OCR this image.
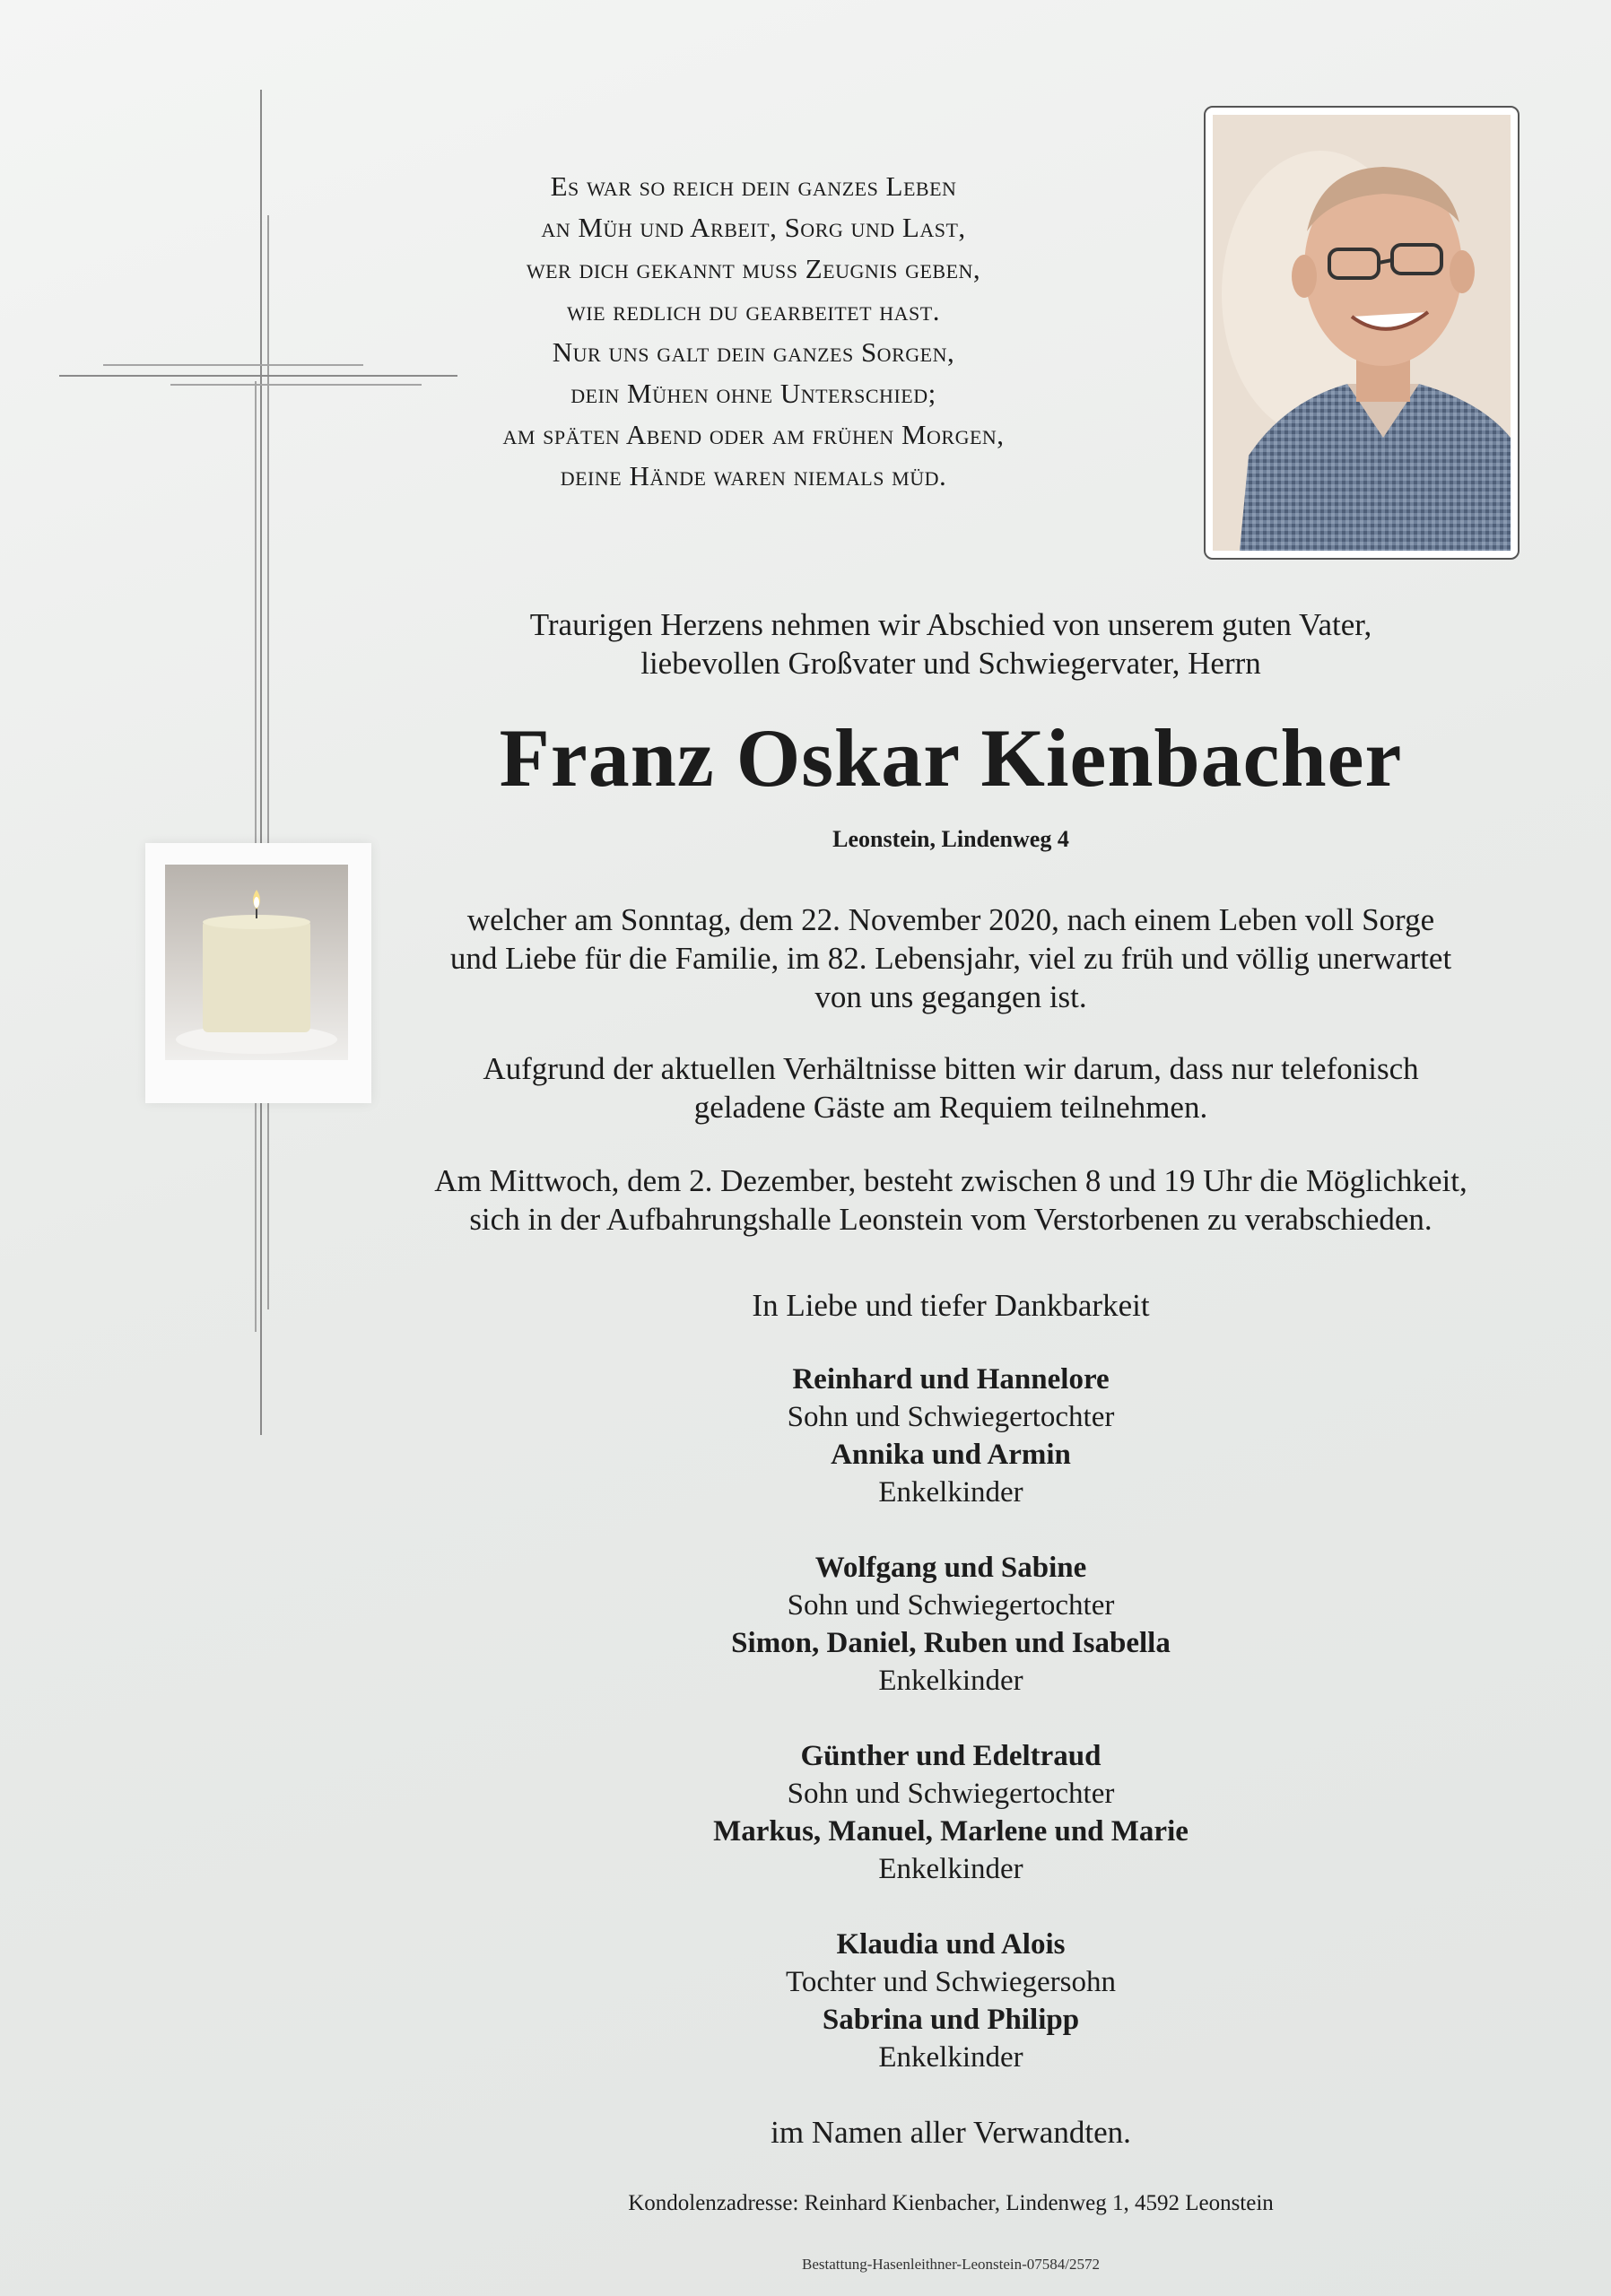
Es war so reich dein ganzes Leben
an Müh und Arbeit, Sorg und Last,
wer dich gekannt muss Zeugnis geben,
wie redlich du gearbeitet hast.
Nur uns galt dein ganzes Sorgen,
dein Mühen ohne Unterschied;
am späten Abend oder am frühen Morgen,
deine Hände waren niemals müd.
Traurigen Herzens nehmen wir Abschied von unserem guten Vater,
liebevollen Großvater und Schwiegervater, Herrn
Franz Oskar Kienbacher
Leonstein, Lindenweg 4
welcher am Sonntag, dem 22. November 2020, nach einem Leben voll Sorge
und Liebe für die Familie, im 82. Lebensjahr, viel zu früh und völlig unerwartet
von uns gegangen ist.
Aufgrund der aktuellen Verhältnisse bitten wir darum, dass nur telefonisch
geladene Gäste am Requiem teilnehmen.
Am Mittwoch, dem 2. Dezember, besteht zwischen 8 und 19 Uhr die Möglichkeit,
sich in der Aufbahrungshalle Leonstein vom Verstorbenen zu verabschieden.
In Liebe und tiefer Dankbarkeit
Reinhard und Hannelore
Sohn und Schwiegertochter
Annika und Armin
Enkelkinder
Wolfgang und Sabine
Sohn und Schwiegertochter
Simon, Daniel, Ruben und Isabella
Enkelkinder
Günther und Edeltraud
Sohn und Schwiegertochter
Markus, Manuel, Marlene und Marie
Enkelkinder
Klaudia und Alois
Tochter und Schwiegersohn
Sabrina und Philipp
Enkelkinder
im Namen aller Verwandten.
Kondolenzadresse: Reinhard Kienbacher, Lindenweg 1, 4592 Leonstein
Bestattung-Hasenleithner-Leonstein-07584/2572
